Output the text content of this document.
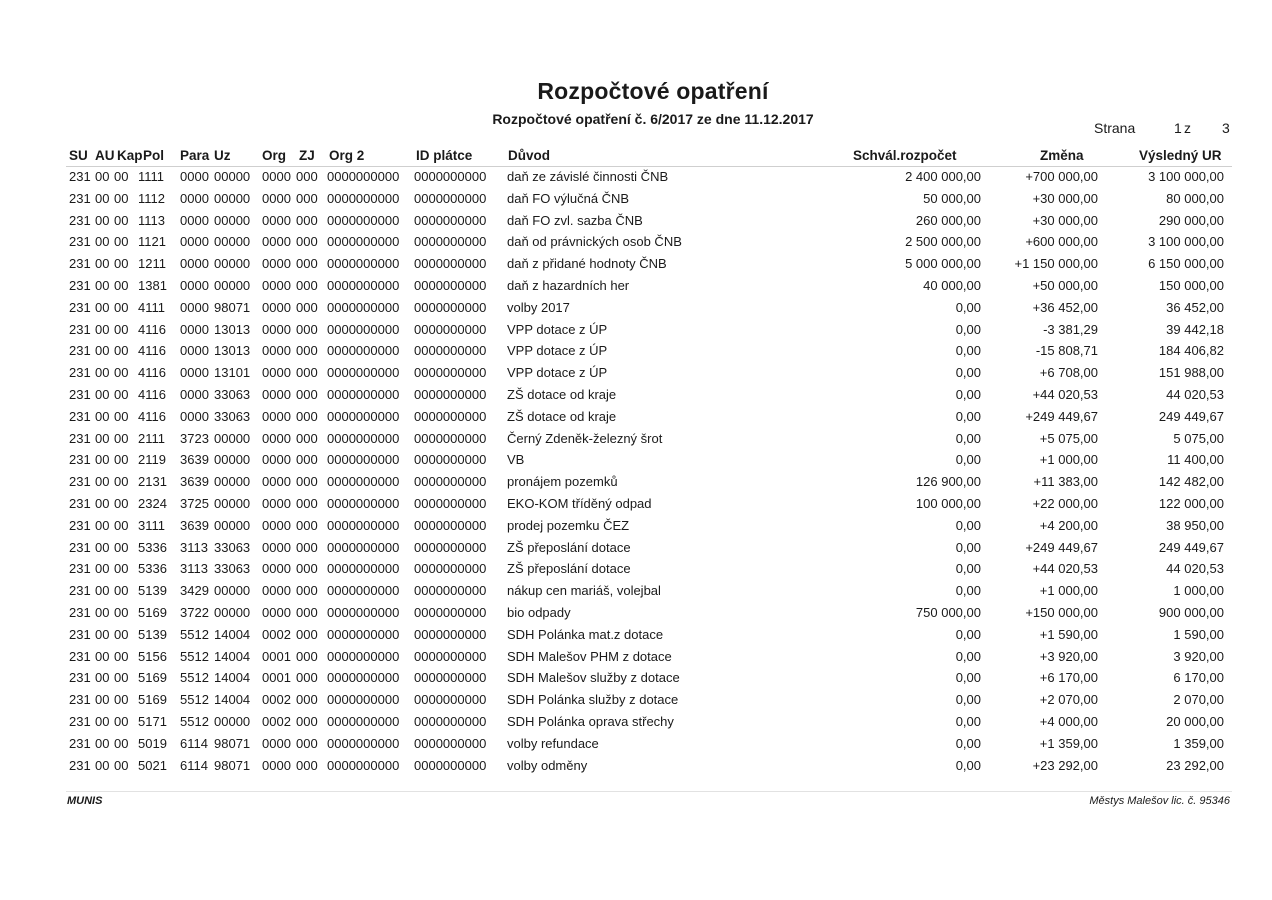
Rozpočtové opatření
Rozpočtové opatření č. 6/2017 ze dne 11.12.2017
Strana	1 z	3
SU AU Kap Pol Para Uz Org ZJ Org 2	ID plátce	Důvod	Schvál.rozpočet	Změna	Výsledný UR
231 00 00 1111 0000 00000 0000 000 0000000000 0000000000 daň ze závislé činnosti ČNB	2 400 000,00	+700 000,00	3 100 000,00
231 00 00 1112 0000 00000 0000 000 0000000000 0000000000 daň FO výlučná ČNB	50 000,00	+30 000,00	80 000,00
231 00 00 1113 0000 00000 0000 000 0000000000 0000000000 daň FO zvl. sazba ČNB	260 000,00	+30 000,00	290 000,00
231 00 00 1121 0000 00000 0000 000 0000000000 0000000000 daň od právnických osob ČNB	2 500 000,00	+600 000,00	3 100 000,00
231 00 00 1211 0000 00000 0000 000 0000000000 0000000000 daň z přidané hodnoty ČNB	5 000 000,00	+1 150 000,00	6 150 000,00
231 00 00 1381 0000 00000 0000 000 0000000000 0000000000 daň z hazardních her	40 000,00	+50 000,00	150 000,00
231 00 00 4111 0000 98071 0000 000 0000000000 0000000000 volby 2017	0,00	+36 452,00	36 452,00
231 00 00 4116 0000 13013 0000 000 0000000000 0000000000 VPP dotace z ÚP	0,00	-3 381,29	39 442,18
231 00 00 4116 0000 13013 0000 000 0000000000 0000000000 VPP dotace z ÚP	0,00	-15 808,71	184 406,82
231 00 00 4116 0000 13101 0000 000 0000000000 0000000000 VPP dotace z ÚP	0,00	+6 708,00	151 988,00
231 00 00 4116 0000 33063 0000 000 0000000000 0000000000 ZŠ dotace od kraje	0,00	+44 020,53	44 020,53
231 00 00 4116 0000 33063 0000 000 0000000000 0000000000 ZŠ dotace od kraje	0,00	+249 449,67	249 449,67
231 00 00 2111 3723 00000 0000 000 0000000000 0000000000 Černý Zdeněk-železný šrot	0,00	+5 075,00	5 075,00
231 00 00 2119 3639 00000 0000 000 0000000000 0000000000 VB	0,00	+1 000,00	11 400,00
231 00 00 2131 3639 00000 0000 000 0000000000 0000000000 pronájem pozemků	126 900,00	+11 383,00	142 482,00
231 00 00 2324 3725 00000 0000 000 0000000000 0000000000 EKO-KOM tříděný odpad	100 000,00	+22 000,00	122 000,00
231 00 00 3111 3639 00000 0000 000 0000000000 0000000000 prodej pozemku ČEZ	0,00	+4 200,00	38 950,00
231 00 00 5336 3113 33063 0000 000 0000000000 0000000000 ZŠ přeposlání dotace	0,00	+249 449,67	249 449,67
231 00 00 5336 3113 33063 0000 000 0000000000 0000000000 ZŠ přeposlání dotace	0,00	+44 020,53	44 020,53
231 00 00 5139 3429 00000 0000 000 0000000000 0000000000 nákup cen mariáš, volejbal	0,00	+1 000,00	1 000,00
231 00 00 5169 3722 00000 0000 000 0000000000 0000000000 bio odpady	750 000,00	+150 000,00	900 000,00
231 00 00 5139 5512 14004 0002 000 0000000000 0000000000 SDH Polánka mat.z dotace	0,00	+1 590,00	1 590,00
231 00 00 5156 5512 14004 0001 000 0000000000 0000000000 SDH Malešov PHM z dotace	0,00	+3 920,00	3 920,00
231 00 00 5169 5512 14004 0001 000 0000000000 0000000000 SDH Malešov služby z dotace	0,00	+6 170,00	6 170,00
231 00 00 5169 5512 14004 0002 000 0000000000 0000000000 SDH Polánka služby z dotace	0,00	+2 070,00	2 070,00
231 00 00 5171 5512 00000 0002 000 0000000000 0000000000 SDH Polánka oprava střechy	0,00	+4 000,00	20 000,00
231 00 00 5019 6114 98071 0000 000 0000000000 0000000000 volby refundace	0,00	+1 359,00	1 359,00
231 00 00 5021 6114 98071 0000 000 0000000000 0000000000 volby odměny	0,00	+23 292,00	23 292,00
MUNIS	Městys Malešov lic. č. 95346
